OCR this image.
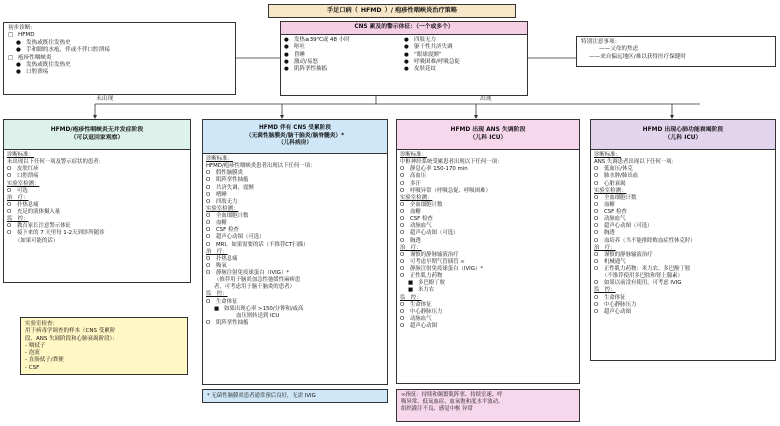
未出现	出现
手足口病（ HFMD ）/ 疱疹性咽峡炎治疗策略
初步诊断：
□ HFMD
● 发热或既往发热史
● 手和脚的水疱，伴或不伴口腔溃疡
□ 疱疹性咽峡炎
● 发热或既往发热史
● 口腔溃疡
CNS 累及的警示体征：（一个或多个）
● 发热≥39℃或 48 小时
● 呕吐
● 昏睡
● 激动/易怒
● 肌阵挛性抽搐
● 四肢无力
● 躯干性共济失调
● “眼球震颤”
● 呼吸困难/呼吸急促
● 皮肤花纹
特别注意事项：
——父母的焦虑
——来自偏远地区/难以获得医疗保健时
HFMD/疱疹性咽峡炎无并发症阶段
（可以返回家观察）
诊断标准：
未出现以下任何一项及警示症状的患者：
O 皮肤红疹
O 口腔溃疡
实验室检测：
O 可选
治　疗：
O 扑热息痛
O 充足的液体摄入量
监　控：
O 教育家长注意警示体征
O 接下来的 7 天里每 1-2天到诊所随诊
（如果可能的话）
实验室检查：
用于病毒学调查的样本（CNS 受累阶
段、ANS 失调阶段和心肺衰竭阶段）：
- 咽拭子
- 泡液
- 直肠拭子/粪便
- CSF
HFMD 伴有 CNS 受累阶段
（无菌性脑膜炎/脑干脑炎/脑脊髓炎）*
（儿科病房）
诊断标准：
HFMD/疱疹性咽峡炎患者出现以下任何一项：
O 假性脑膜炎
O 肌阵挛性抽搐
O 共济失调、震颤
O 嗜睡
O 四肢无力
实验室检测：
O 全血细胞计数
O 血糖
O CSF 检查
O 超声心动图（可选）
O MRI，如果需要的话（不推荐CT扫描）
治　疗：
O 扑热息痛
O 吸氧
O 静脉注射免疫球蛋白（IVIG）*
（推荐用于脑炎加急性弛缓性麻痹患
者，可考虑用于脑干脑炎的患者）
监　控：
O 生命体征
■ 如果出现心率 >150/分钟和/或高
血压则转送到 ICU
O 肌阵挛性抽搐
* 无菌性脑膜炎患者通常预后良好，无需 IVIG
HFMD 出现 ANS 失调阶段
（儿科 ICU）
诊断标准：
中枢神经系统受累患者出现以下任何一项：
O 静息心率 150-170 min
O 高血压
O 多汗
O 呼吸异常（呼吸急促、呼吸困难）
实验室检测：
O 全血细胞计数
O 血糖
O CSF 检查
O 动脉血气
O 超声心动图（可选）
O 胸透
治　疗：
O 谨慎的静脉输液治疗
O 可考虑早期气管插管 ∞
O 静脉注射免疫球蛋白（IVIG）*
O 正性肌力药物
■ 多巴酚丁胺
■ 米力农
监　控：
O 生命体征
O 中心静脉压力
O 动脉血气
O 超声心动图
∞指征：持续和频繁肌阵挛、持续室速、呼
吸异常、低氧血症、血氧饱和度水平波动、
组织灌注不良、感觉中枢 异常
HFMD 出现心肺功能衰竭阶段
（儿科 ICU）
诊断标准：
ANS 失调患者出现以下任何一项：
O 低血压/休克
O 肺水肿/肺出血
O 心脏衰竭
实验室检测：
O 全血细胞计数
O 血糖
O CSF 检查
O 动脉血气
O 超声心动图（可选）
O 胸透
O 血培养（当不能排除败血症性休克时）
治　疗：
O 谨慎的静脉输液治疗
O 机械通气
O 正性肌力药物：米力农、多巴酚丁胺
（不推荐使用多巴胺和肾上腺素）
O 如果以前没有使用，可考虑 IVIG
监　控：
O 生命体征
O 中心静脉压力
O 超声心动图
